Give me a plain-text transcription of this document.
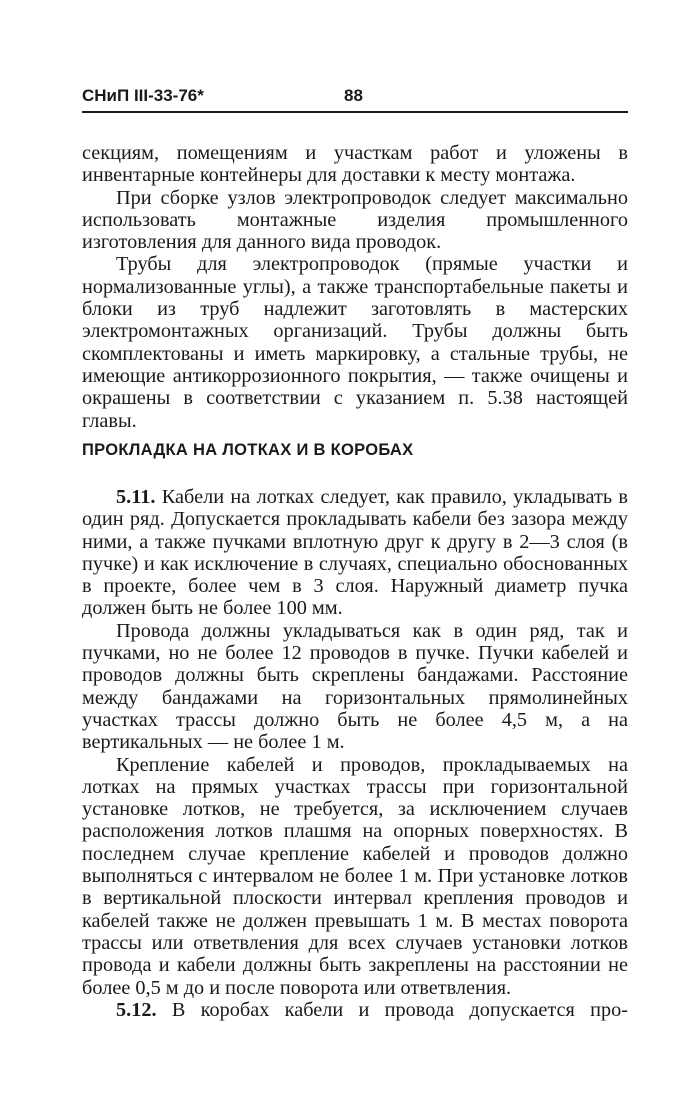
СНиП III-33-76*	88

секциям, помещениям и участкам работ и уложены в инвентарные контейнеры для доставки к месту монтажа.

При сборке узлов электропроводок следует максимально использовать монтажные изделия промышленного изготовления для данного вида проводок.

Трубы для электропроводок (прямые участки и нормализованные углы), а также транспортабельные пакеты и блоки из труб надлежит заготовлять в мастерских электромонтажных организаций. Трубы должны быть скомплектованы и иметь маркировку, а стальные трубы, не имеющие антикоррозионного покрытия, — также очищены и окрашены в соответствии с указанием п. 5.38 настоящей главы.

ПРОКЛАДКА НА ЛОТКАХ И В КОРОБАХ

5.11. Кабели на лотках следует, как правило, укладывать в один ряд. Допускается прокладывать кабели без зазора между ними, а также пучками вплотную друг к другу в 2—3 слоя (в пучке) и как исключение в случаях, специально обоснованных в проекте, более чем в 3 слоя. Наружный диаметр пучка должен быть не более 100 мм.

Провода должны укладываться как в один ряд, так и пучками, но не более 12 проводов в пучке. Пучки кабелей и проводов должны быть скреплены бандажами. Расстояние между бандажами на горизонтальных прямолинейных участках трассы должно быть не более 4,5 м, а на вертикальных — не более 1 м.

Крепление кабелей и проводов, прокладываемых на лотках на прямых участках трассы при горизонтальной установке лотков, не требуется, за исключением случаев расположения лотков плашмя на опорных поверхностях. В последнем случае крепление кабелей и проводов должно выполняться с интервалом не более 1 м. При установке лотков в вертикальной плоскости интервал крепления проводов и кабелей также не должен превышать 1 м. В местах поворота трассы или ответвления для всех случаев установки лотков провода и кабели должны быть закреплены на расстоянии не более 0,5 м до и после поворота или ответвления.

5.12. В коробах кабели и провода допускается про-
